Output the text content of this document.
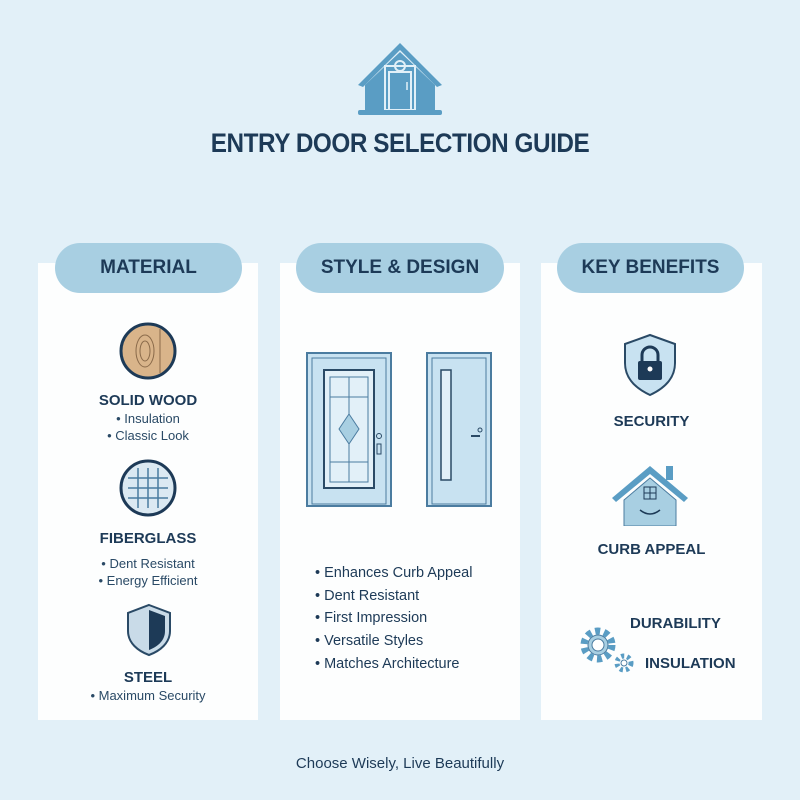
ENTRY DOOR SELECTION GUIDE
MATERIAL
SOLID WOOD
• Insulation
• Classic Look
FIBERGLASS
• Dent Resistant
• Energy Efficient
STEEL
• Maximum Security
STYLE & DESIGN
• Enhances Curb Appeal
• Dent Resistant
• First Impression
• Versatile Styles
• Matches Architecture
KEY BENEFITS
SECURITY
CURB APPEAL
DURABILITY
INSULATION
Choose Wisely, Live Beautifully
